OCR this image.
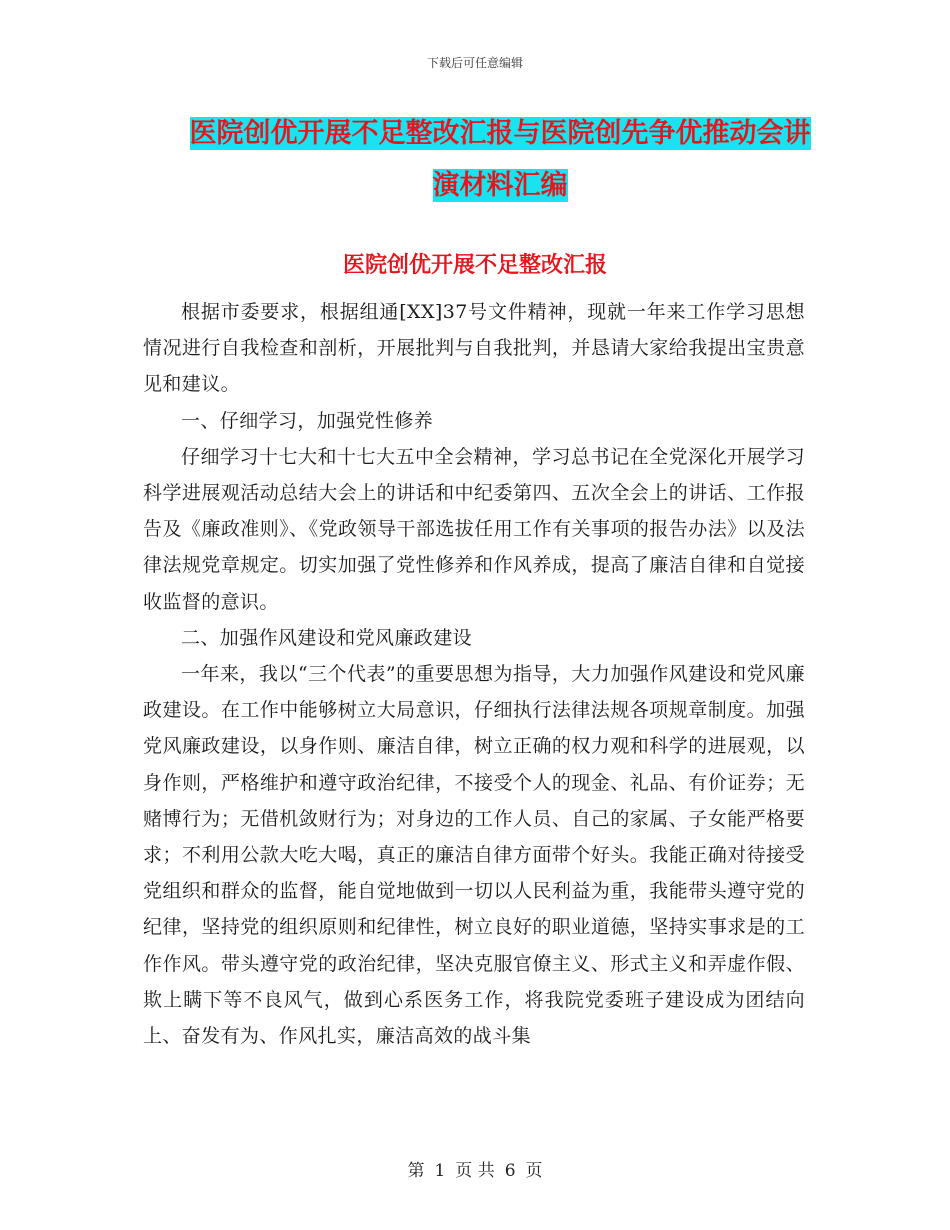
下载后可任意编辑
医院创优开展不足整改汇报与医院创先争优推动会讲
演材料汇编
医院创优开展不足整改汇报

根据市委要求，根据组通[XX]37号文件精神，现就一年来工作学习思想情况进行自我检查和剖析，开展批判与自我批判，并恳请大家给我提出宝贵意见和建议。

一、仔细学习，加强党性修养

仔细学习十七大和十七大五中全会精神，学习总书记在全党深化开展学习科学进展观活动总结大会上的讲话和中纪委第四、五次全会上的讲话、工作报告及《廉政准则》、《党政领导干部选拔任用工作有关事项的报告办法》以及法律法规党章规定。切实加强了党性修养和作风养成，提高了廉洁自律和自觉接收监督的意识。

二、加强作风建设和党风廉政建设

一年来，我以“三个代表”的重要思想为指导，大力加强作风建设和党风廉政建设。在工作中能够树立大局意识，仔细执行法律法规各项规章制度。加强党风廉政建设，以身作则、廉洁自律，树立正确的权力观和科学的进展观，以身作则，严格维护和遵守政治纪律，不接受个人的现金、礼品、有价证券；无赌博行为；无借机敛财行为；对身边的工作人员、自己的家属、子女能严格要求；不利用公款大吃大喝，真正的廉洁自律方面带个好头。我能正确对待接受党组织和群众的监督，能自觉地做到一切以人民利益为重，我能带头遵守党的纪律，坚持党的组织原则和纪律性，树立良好的职业道德，坚持实事求是的工作作风。带头遵守党的政治纪律，坚决克服官僚主义、形式主义和弄虚作假、欺上瞒下等不良风气，做到心系医务工作，将我院党委班子建设成为团结向上、奋发有为、作风扎实，廉洁高效的战斗集

第 1 页 共 6 页
